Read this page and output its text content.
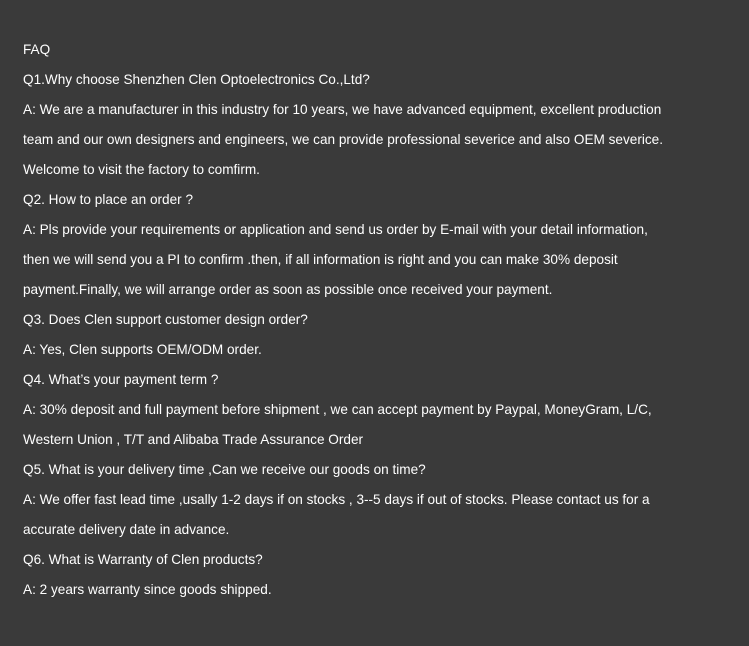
FAQ
Q1.Why choose Shenzhen Clen Optoelectronics Co.,Ltd?
A: We are a manufacturer in this industry for 10 years, we have advanced equipment, excellent production
team and our own designers and engineers, we can provide professional severice and also OEM severice.
Welcome to visit the factory to comfirm.
Q2. How to place an order ?
A: Pls provide your requirements or application and send us order by E-mail with your detail information,
then we will send you a PI to confirm .then, if all information is right and you can make 30% deposit
payment.Finally, we will arrange order as soon as possible once received your payment.
Q3. Does Clen support customer design order?
A: Yes, Clen supports OEM/ODM order.
Q4. What’s your payment term ?
A: 30% deposit and full payment before shipment , we can accept payment by Paypal, MoneyGram, L/C,
Western Union , T/T and Alibaba Trade Assurance Order
Q5. What is your delivery time ,Can we receive our goods on time?
A: We offer fast lead time ,usally 1-2 days if on stocks , 3--5 days if out of stocks. Please contact us for a
accurate delivery date in advance.
Q6. What is Warranty of Clen products?
A: 2 years warranty since goods shipped.
